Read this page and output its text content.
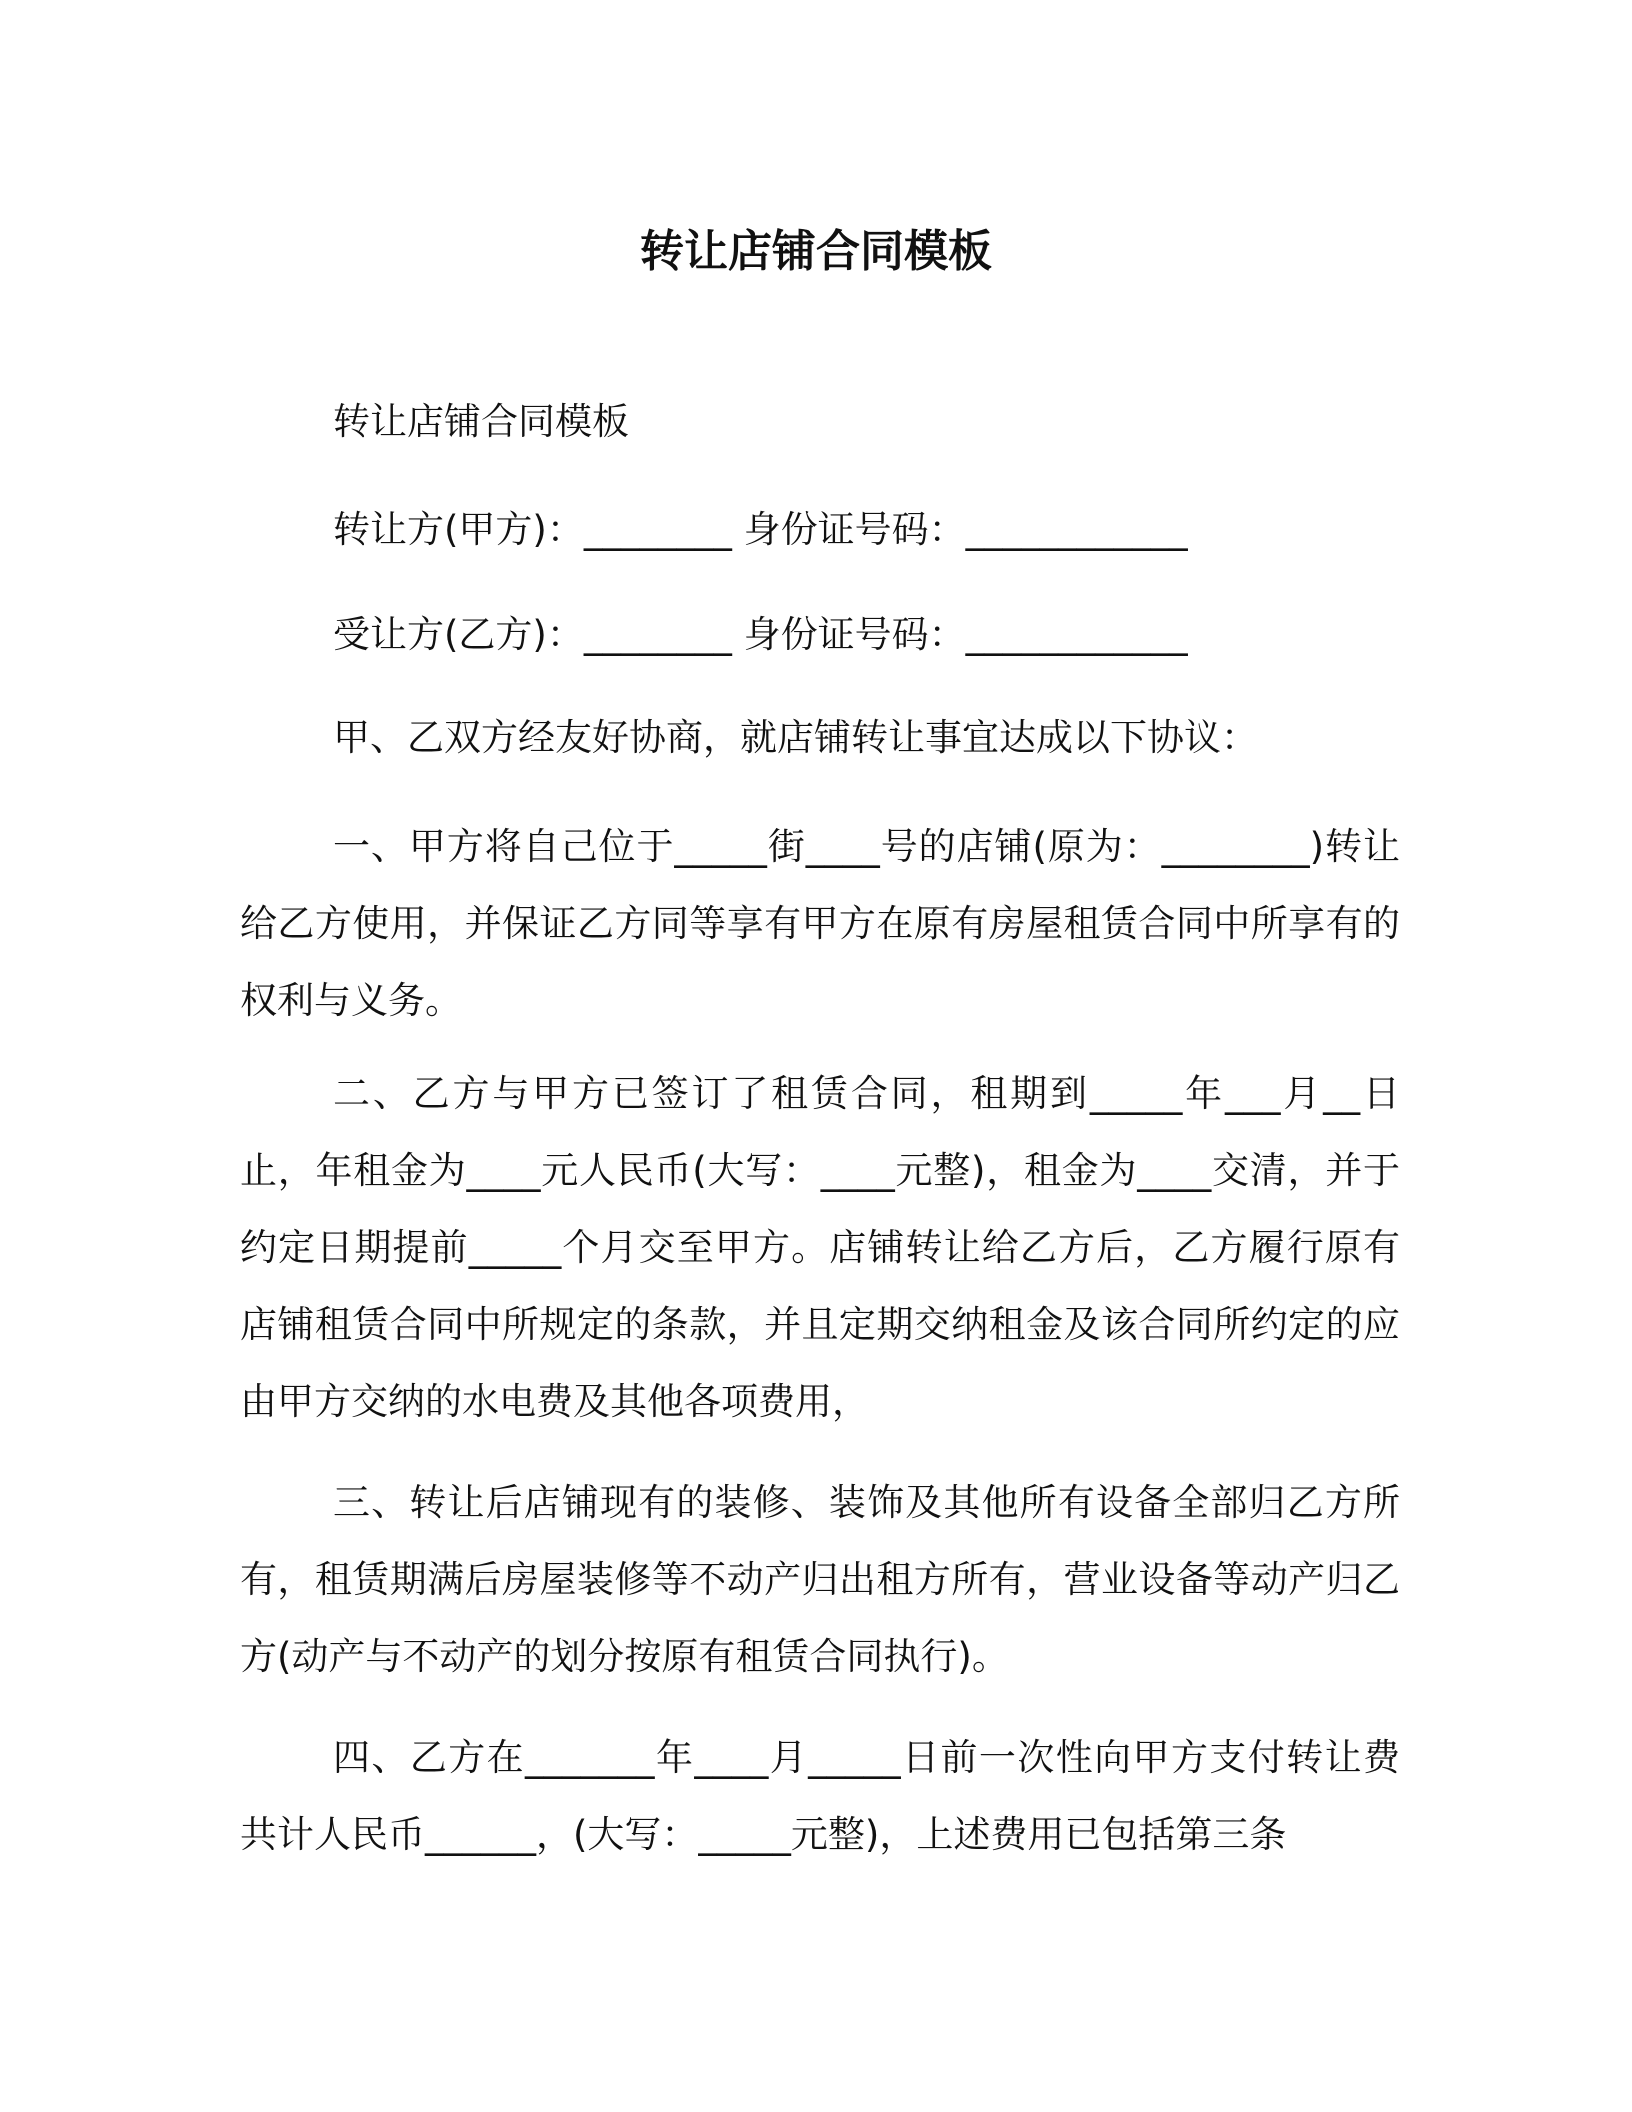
转让店铺合同模板
转让店铺合同模板
转让方(甲方)：________ 身份证号码：____________
受让方(乙方)：________ 身份证号码：____________
甲、乙双方经友好协商，就店铺转让事宜达成以下协议：

一、甲方将自己位于_____街____号的店铺(原为：________)转让给乙方使用，并保证乙方同等享有甲方在原有房屋租赁合同中所享有的权利与义务。

二、乙方与甲方已签订了租赁合同，租期到_____年___月__日止，年租金为____元人民币(大写：____元整)，租金为____交清，并于约定日期提前_____个月交至甲方。店铺转让给乙方后，乙方履行原有店铺租赁合同中所规定的条款，并且定期交纳租金及该合同所约定的应由甲方交纳的水电费及其他各项费用，

三、转让后店铺现有的装修、装饰及其他所有设备全部归乙方所有，租赁期满后房屋装修等不动产归出租方所有，营业设备等动产归乙方(动产与不动产的划分按原有租赁合同执行)。

四、乙方在_______年____月_____日前一次性向甲方支付转让费共计人民币______，(大写：_____元整)，上述费用已包括第三条
